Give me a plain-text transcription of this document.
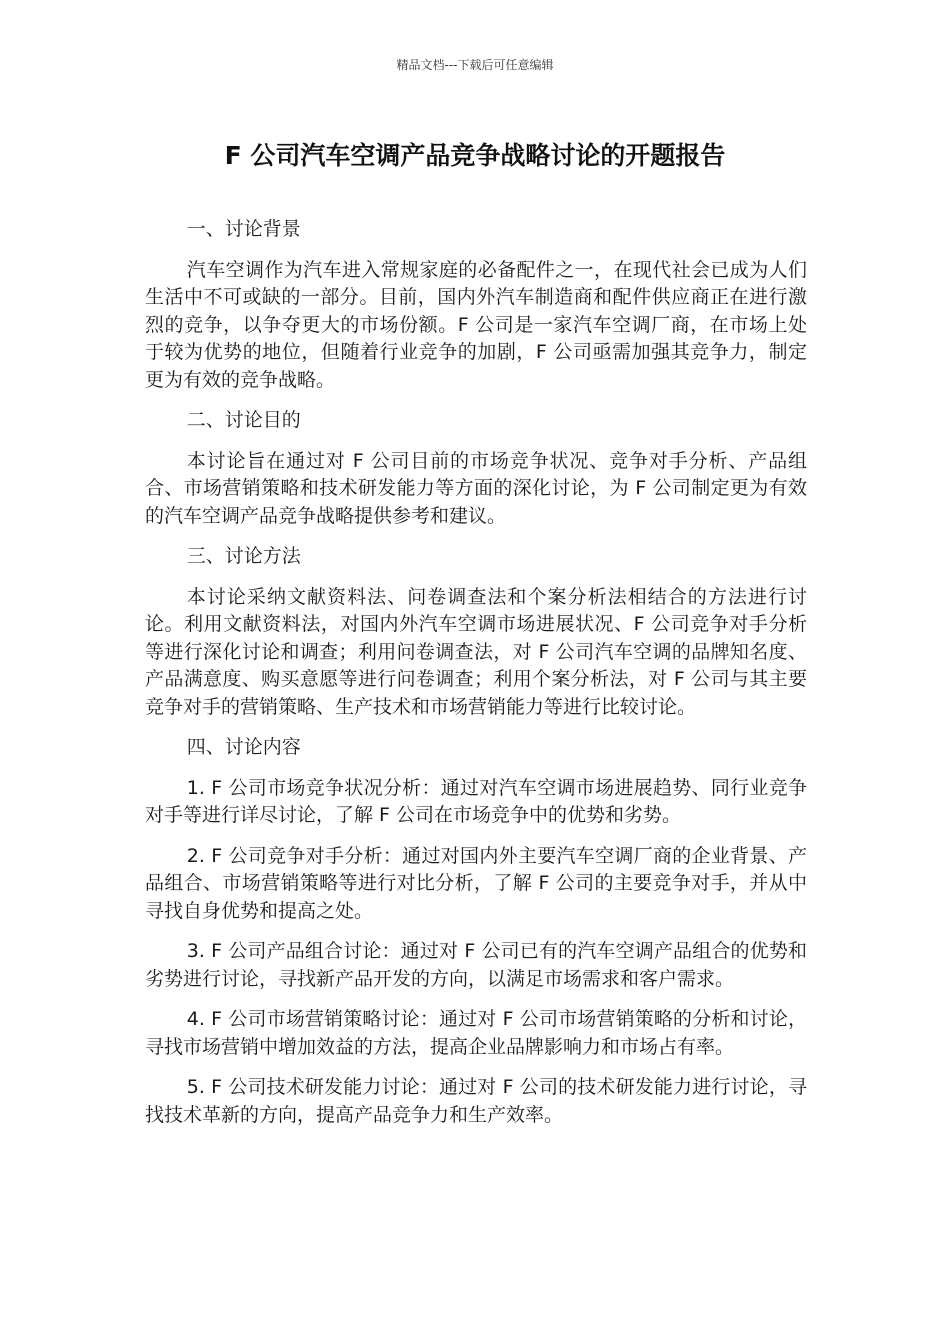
精品文档---下载后可任意编辑
F 公司汽车空调产品竞争战略讨论的开题报告

一、讨论背景

汽车空调作为汽车进入常规家庭的必备配件之一，在现代社会已成为人们生活中不可或缺的一部分。目前，国内外汽车制造商和配件供应商正在进行激烈的竞争，以争夺更大的市场份额。F 公司是一家汽车空调厂商，在市场上处于较为优势的地位，但随着行业竞争的加剧，F 公司亟需加强其竞争力，制定更为有效的竞争战略。

二、讨论目的

本讨论旨在通过对 F 公司目前的市场竞争状况、竞争对手分析、产品组合、市场营销策略和技术研发能力等方面的深化讨论，为 F 公司制定更为有效的汽车空调产品竞争战略提供参考和建议。

三、讨论方法

本讨论采纳文献资料法、问卷调查法和个案分析法相结合的方法进行讨论。利用文献资料法，对国内外汽车空调市场进展状况、F 公司竞争对手分析等进行深化讨论和调查；利用问卷调查法，对 F 公司汽车空调的品牌知名度、产品满意度、购买意愿等进行问卷调查；利用个案分析法，对 F 公司与其主要竞争对手的营销策略、生产技术和市场营销能力等进行比较讨论。

四、讨论内容

1. F 公司市场竞争状况分析：通过对汽车空调市场进展趋势、同行业竞争对手等进行详尽讨论，了解 F 公司在市场竞争中的优势和劣势。

2. F 公司竞争对手分析：通过对国内外主要汽车空调厂商的企业背景、产品组合、市场营销策略等进行对比分析，了解 F 公司的主要竞争对手，并从中寻找自身优势和提高之处。

3. F 公司产品组合讨论：通过对 F 公司已有的汽车空调产品组合的优势和劣势进行讨论，寻找新产品开发的方向，以满足市场需求和客户需求。

4. F 公司市场营销策略讨论：通过对 F 公司市场营销策略的分析和讨论，寻找市场营销中增加效益的方法，提高企业品牌影响力和市场占有率。

5. F 公司技术研发能力讨论：通过对 F 公司的技术研发能力进行讨论，寻找技术革新的方向，提高产品竞争力和生产效率。
